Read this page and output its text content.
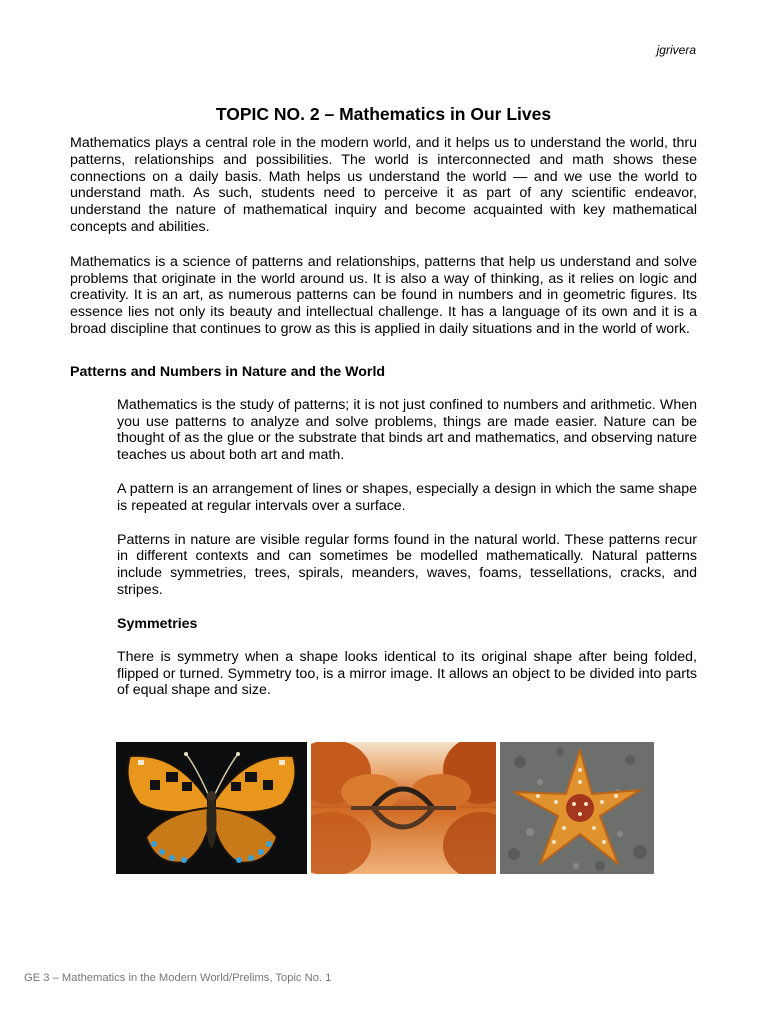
jgrivera
TOPIC NO. 2 – Mathematics in Our Lives

Mathematics plays a central role in the modern world, and it helps us to understand the world, thru patterns, relationships and possibilities. The world is interconnected and math shows these connections on a daily basis. Math helps us understand the world — and we use the world to understand math. As such, students need to perceive it as part of any scientific endeavor, understand the nature of mathematical inquiry and become acquainted with key mathematical concepts and abilities.

Mathematics is a science of patterns and relationships, patterns that help us understand and solve problems that originate in the world around us. It is also a way of thinking, as it relies on logic and creativity. It is an art, as numerous patterns can be found in numbers and in geometric figures. Its essence lies not only its beauty and intellectual challenge. It has a language of its own and it is a broad discipline that continues to grow as this is applied in daily situations and in the world of work.

Patterns and Numbers in Nature and the World

Mathematics is the study of patterns; it is not just confined to numbers and arithmetic. When you use patterns to analyze and solve problems, things are made easier. Nature can be thought of as the glue or the substrate that binds art and mathematics, and observing nature teaches us about both art and math.

A pattern is an arrangement of lines or shapes, especially a design in which the same shape is repeated at regular intervals over a surface.

Patterns in nature are visible regular forms found in the natural world. These patterns recur in different contexts and can sometimes be modelled mathematically. Natural patterns include symmetries, trees, spirals, meanders, waves, foams, tessellations, cracks, and stripes.

Symmetries

There is symmetry when a shape looks identical to its original shape after being folded, flipped or turned. Symmetry too, is a mirror image. It allows an object to be divided into parts of equal shape and size.

GE 3 – Mathematics in the Modern World/Prelims, Topic No. 1
